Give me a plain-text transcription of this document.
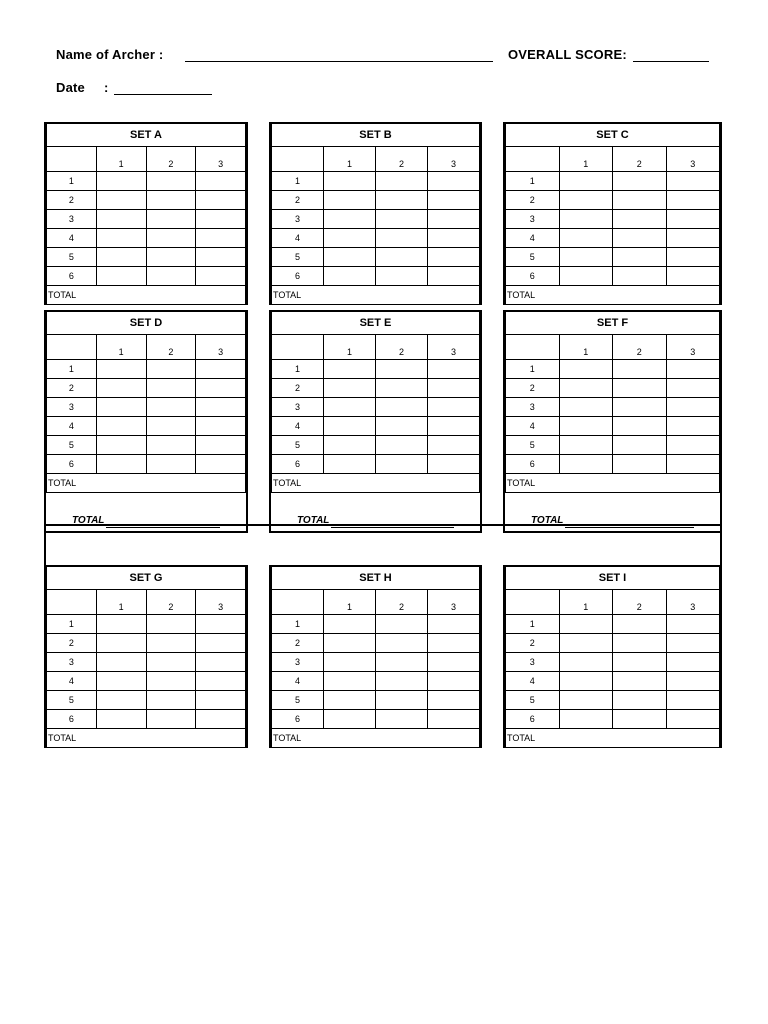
Name of Archer :	OVERALL SCORE:
Date :
SET A			
	1	2	3
1			
2			
3			
4			
5			
6			
TOTAL			
SET B			
	1	2	3
1			
2			
3			
4			
5			
6			
TOTAL			
SET C			
	1	2	3
1			
2			
3			
4			
5			
6			
TOTAL			
SET D			
	1	2	3
1			
2			
3			
4			
5			
6			
TOTAL			
TOTAL
SET E			
	1	2	3
1			
2			
3			
4			
5			
6			
TOTAL			
TOTAL
SET F			
	1	2	3
1			
2			
3			
4			
5			
6			
TOTAL			
TOTAL
SET G			
	1	2	3
1			
2			
3			
4			
5			
6			
TOTAL			
SET H			
	1	2	3
1			
2			
3			
4			
5			
6			
TOTAL			
SET I			
	1	2	3
1			
2			
3			
4			
5			
6			
TOTAL			
